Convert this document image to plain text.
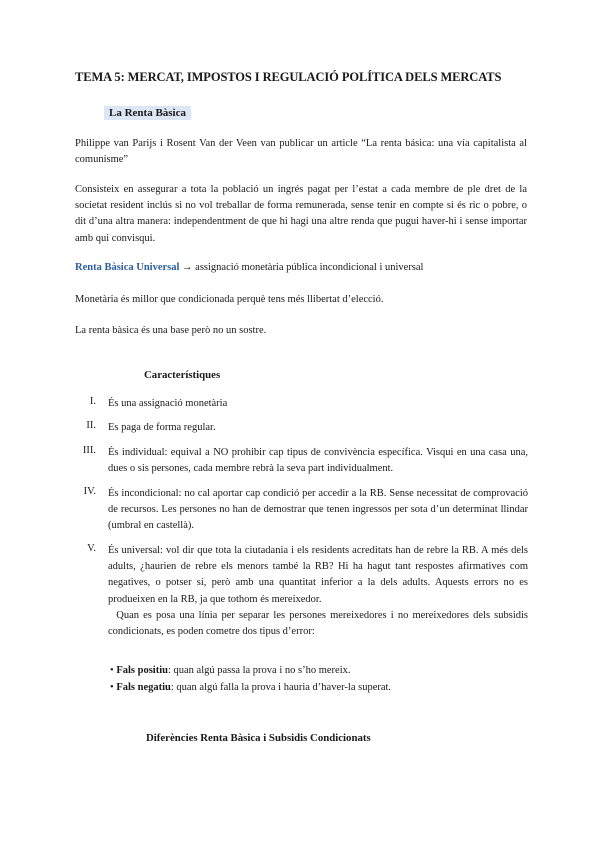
TEMA 5: MERCAT, IMPOSTOS I REGULACIÓ POLÍTICA DELS MERCATS
La Renta Bàsica
Philippe van Parijs i Rosent Van der Veen van publicar un article “La renta básica: una vía capitalista al comunisme”
Consisteix en assegurar a tota la població un ingrés pagat per l’estat a cada membre de ple dret de la societat resident inclús si no vol treballar de forma remunerada, sense tenir en compte si és ric o pobre, o dit d’una altra manera: independentment de que hi hagi una altre renda que pugui haver-hi i sense importar amb qui convisqui.
Renta Bàsica Universal → assignació monetària pública incondicional i universal
Monetària és millor que condicionada perquè tens més llibertat d’elecció.
La renta bàsica és una base però no un sostre.
Característiques
I. És una assignació monetària
II. Es paga de forma regular.
III. És individual: equival a NO prohibir cap tipus de convivència específica. Visqui en una casa una, dues o sis persones, cada membre rebrà la seva part individualment.
IV. És incondicional: no cal aportar cap condició per accedir a la RB. Sense necessitat de comprovació de recursos. Les persones no han de demostrar que tenen ingressos per sota d’un determinat llindar (umbral en castellà).
V. És universal: vol dir que tota la ciutadania i els residents acreditats han de rebre la RB. A més dels adults, ¿haurien de rebre els menors també la RB? Hi ha hagut tant respostes afirmatives com negatives, o potser sí, però amb una quantitat inferior a la dels adults. Aquests errors no es produeixen en la RB, ja que tothom és mereixedor.
Quan es posa una línia per separar les persones mereixedores i no mereixedores dels subsidis condicionats, es poden cometre dos tipus d’error:
• Fals positiu: quan algú passa la prova i no s’ho mereix.
• Fals negatiu: quan algú falla la prova i hauria d’haver-la superat.
Diferències Renta Bàsica i Subsidis Condicionats
